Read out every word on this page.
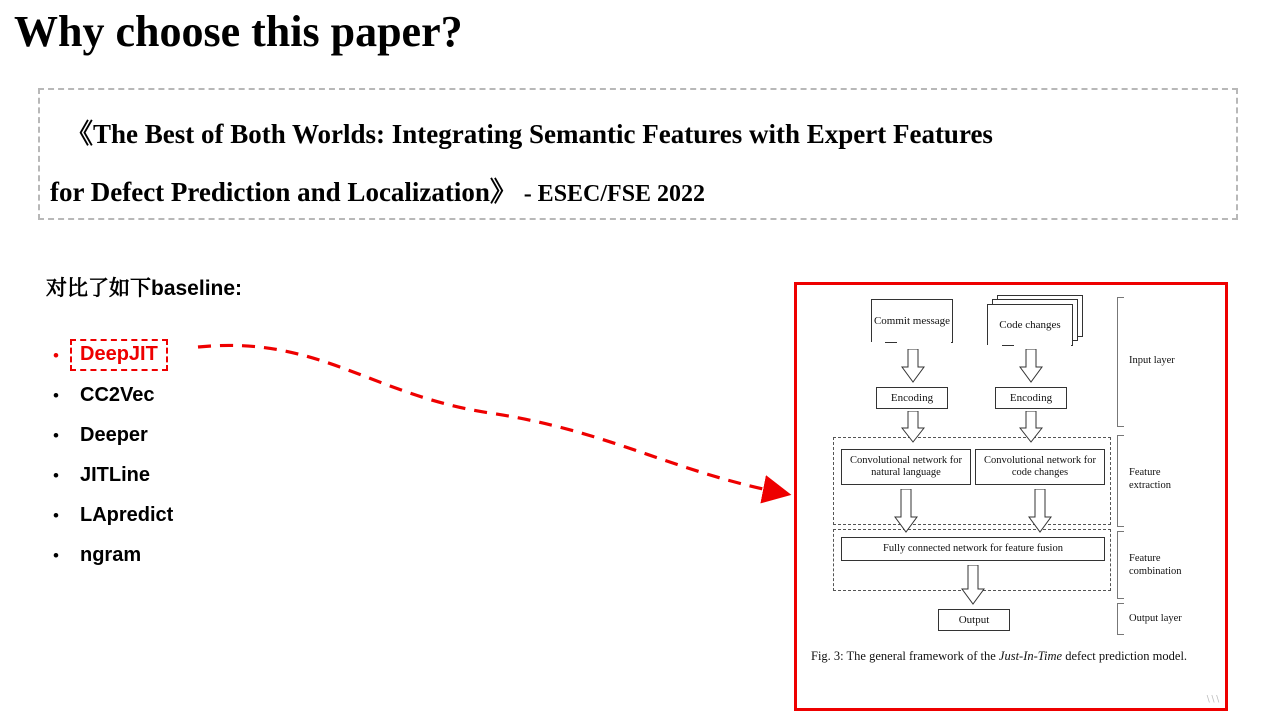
Why choose this paper?
《The Best of Both Worlds: Integrating Semantic Features with Expert Features
for Defect Prediction and Localization》 - ESEC/FSE 2022
对比了如下baseline:
•	DeepJIT
• CC2Vec
• Deeper
• JITLine
• LApredict
• ngram
Commit message	Code changes
Encoding	Encoding
Convolutional network for natural language
Convolutional network for code changes
Fully connected network for feature fusion
Output
Input layer
Feature extraction
Feature combination
Output layer
Fig. 3: The general framework of the Just-In-Time defect prediction model.
∖∖∖
